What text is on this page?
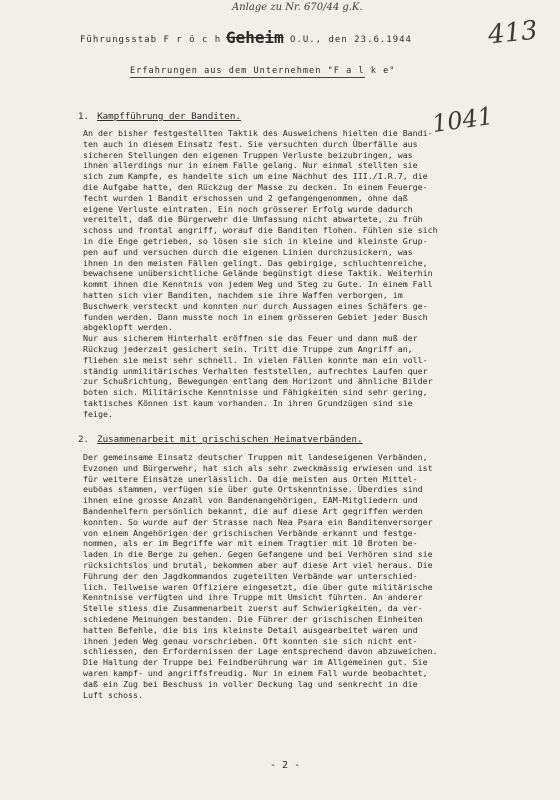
Anlage zu Nr. 670/44 g.K.
413
1041
Führungsstab F r ö c h Geheim O.U., den 23.6.1944
Erfahrungen aus dem Unternehmen "F a l k e"
1. Kampfführung der Banditen.
An der bisher festgestellten Taktik des Ausweichens hielten die Bandi-
ten auch in diesem Einsatz fest. Sie versuchten durch Überfälle aus
sicheren Stellungen den eigenen Truppen Verluste beizubringen, was
ihnen allerdings nur in einem Falle gelang. Nur einmal stellten sie
sich zum Kampfe, es handelte sich um eine Nachhut des III./I.R.7, die
die Aufgabe hatte, den Rückzug der Masse zu decken. In einem Feuerge-
fecht wurden 1 Bandit erschossen und 2 gefangengenommen, ohne daß
eigene Verluste eintraten. Ein noch grösserer Erfolg wurde dadurch
vereitelt, daß die Bürgerwehr die Umfassung nicht abwartete, zu früh
schoss und frontal angriff, worauf die Banditen flohen. Fühlen sie sich
in die Enge getrieben, so lösen sie sich in kleine und kleinste Grup-
pen auf und versuchen durch die eigenen Linien durchzusickern, was
ihnen in den meisten Fällen gelingt. Das gebirgige, schluchtenreiche,
bewachsene unübersichtliche Gelände begünstigt diese Taktik. Weiterhin
kommt ihnen die Kenntnis von jedem Weg und Steg zu Gute. In einem Fall
hatten sich vier Banditen, nachdem sie ihre Waffen verborgen, im
Buschwerk versteckt und konnten nur durch Aussagen eines Schäfers ge-
funden werden. Dann musste noch in einem grösseren Gebiet jeder Busch
abgeklopft werden.
Nur aus sicherem Hinterhalt eröffnen sie das Feuer und dann muß der
Rückzug jederzeit gesichert sein. Tritt die Truppe zum Angriff an,
fliehen sie meist sehr schnell. In vielen Fällen konnte man ein voll-
ständig unmilitärisches Verhalten feststellen, aufrechtes Laufen quer
zur Schußrichtung, Bewegungen entlang dem Horizont und ähnliche Bilder
boten sich. Militärische Kenntnisse und Fähigkeiten sind sehr gering,
taktisches Können ist kaum vorhanden. In ihren Grundzügen sind sie
feige.
2. Zusammenarbeit mit grischischen Heimatverbänden.
Der gemeinsame Einsatz deutscher Truppen mit landeseigenen Verbänden,
Evzonen und Bürgerwehr, hat sich als sehr zweckmässig erwiesen und ist
für weitere Einsätze unerlässlich. Da die meisten aus Orten Mittel-
euböas stammen, verfügen sie über gute Ortskenntnisse. Überdies sind
ihnen eine grosse Anzahl von Bandenangehörigen, EAM-Mitgliedern und
Bandenhelfern persönlich bekannt, die auf diese Art gegriffen werden
konnten. So wurde auf der Strasse nach Nea Psara ein Banditenversorger
von einem Angehörigen der grischischen Verbände erkannt und festge-
nommen, als er im Begriffe war mit einem Tragtier mit 10 Broten be-
laden in die Berge zu gehen. Gegen Gefangene und bei Verhören sind sie
rücksichtslos und brutal, bekommen aber auf diese Art viel heraus. Die
Führung der den Jagdkommandos zugeteilten Verbände war unterschied-
lich. Teilweise waren Offiziere eingesetzt, die über gute militärische
Kenntnisse verfügten und ihre Truppe mit Umsicht führten. An anderer
Stelle stiess die Zusammenarbeit zuerst auf Schwierigkeiten, da ver-
schiedene Meinungen bestanden. Die Führer der grischischen Einheiten
hatten Befehle, die bis ins kleinste Detail ausgearbeitet waren und
ihnen jeden Weg genau vorschrieben. Oft konnten sie sich nicht ent-
schliessen, den Erfordernissen der Lage entsprechend davon abzuweichen.
Die Haltung der Truppe bei Feindberührung war im Allgemeinen gut. Sie
waren kampf- und angriffsfreudig. Nur in einem Fall wurde beobachtet,
daß ein Zug bei Beschuss in voller Deckung lag und senkrecht in die
Luft schoss.
- 2 -
